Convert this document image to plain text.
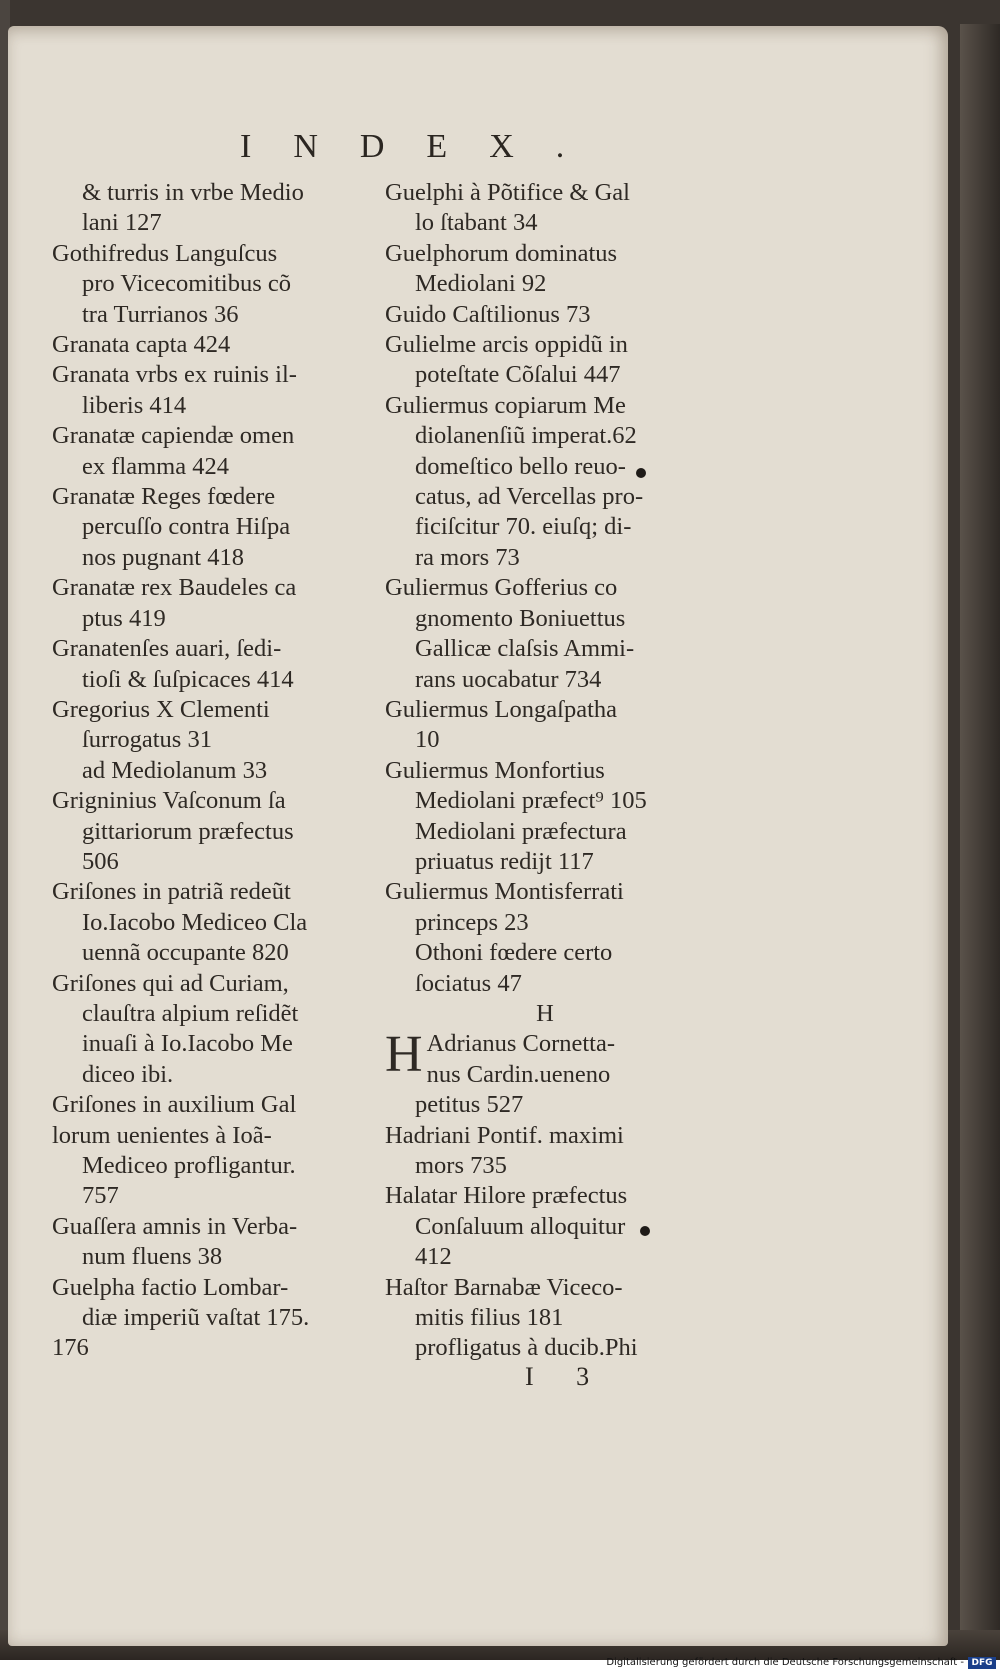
INDEX.
& turris in vrbe Medio
lani 127
Gothifredus Languſcus
pro Vicecomitibus cõ
tra Turrianos 36
Granata capta 424
Granata vrbs ex ruinis il-
liberis 414
Granatæ capiendæ omen
ex flamma 424
Granatæ Reges fœdere
percuſſo contra Hiſpa
nos pugnant 418
Granatæ rex Baudeles ca
ptus 419
Granatenſes auari, ſedi-
tioſi & ſuſpicaces 414
Gregorius X Clementi
ſurrogatus 31
ad Mediolanum 33
Grigninius Vaſconum ſa
gittariorum præfectus
506
Griſones in patriã redeũt
Io.Iacobo Mediceo Cla
uennã occupante 820
Griſones qui ad Curiam,
clauſtra alpium reſidẽt
inuaſi à Io.Iacobo Me
diceo ibi.
Griſones in auxilium Gal
lorum uenientes à Ioã-
Mediceo profligantur.
757
Guaſſera amnis in Verba-
num fluens 38
Guelpha factio Lombar-
diæ imperiũ vaſtat 175.
176
Guelphi à Põtifice & Gal
lo ſtabant 34
Guelphorum dominatus
Mediolani 92
Guido Caſtilionus 73
Gulielme arcis oppidũ in
poteſtate Cõſalui 447
Guliermus copiarum Me
diolanenſiũ imperat.62
domeſtico bello reuo-
catus, ad Vercellas pro-
ficiſcitur 70. eiuſq; di-
ra mors 73
Guliermus Gofferius co
gnomento Boniuettus
Gallicæ claſsis Ammi-
rans uocabatur 734
Guliermus Longaſpatha
10
Guliermus Monfortius
Mediolani præfect⁹ 105
Mediolani præfectura
priuatus redijt 117
Guliermus Montisferrati
princeps 23
Othoni fœdere certo
ſociatus 47
H
H Adrianus Cornetta-
nus Cardin.ueneno
petitus 527
Hadriani Pontif. maximi
mors 735
Halatar Hilore præfectus
Conſaluum alloquitur
412
Haſtor Barnabæ Vicecо-
mitis filius 181
profligatus à ducib.Phi
I 3
Digitalisierung gefördert durch die Deutsche Forschungsgemeinschaft - DFG
